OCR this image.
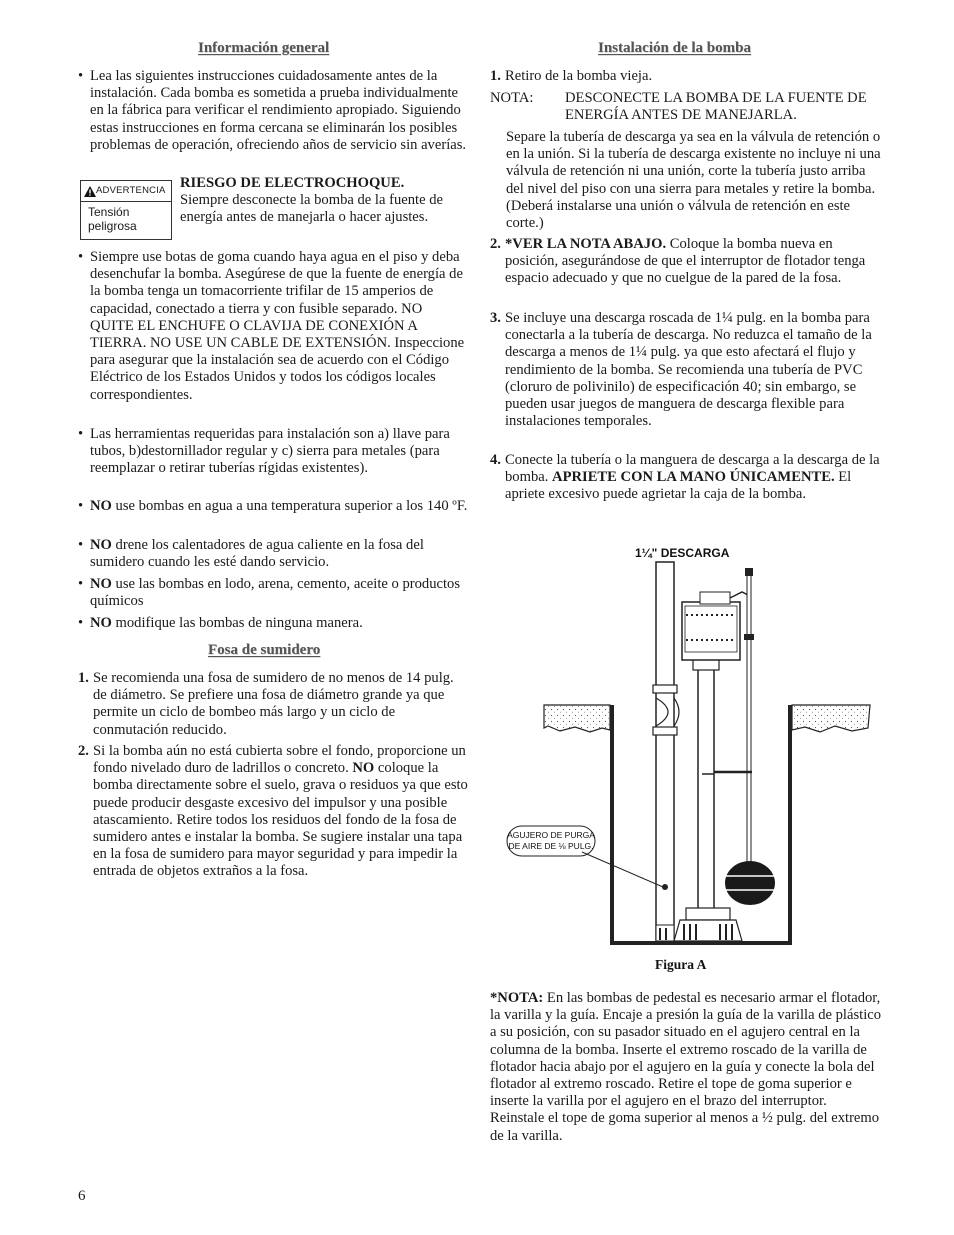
Información general
• Lea las siguientes instrucciones cuidadosamente antes de la instalación. Cada bomba es sometida a prueba individualmente en la fábrica para verificar el rendimiento apropiado. Siguiendo estas instrucciones en forma cercana se eliminarán los posibles problemas de operación, ofreciendo años de servicio sin averías.
ADVERTENCIA
Tensión
peligrosa
RIESGO DE ELECTROCHOQUE.
Siempre desconecte la bomba de la fuente de energía antes de manejarla o hacer ajustes.
• Siempre use botas de goma cuando haya agua en el piso y deba desenchufar la bomba. Asegúrese de que la fuente de energía de la bomba tenga un tomacorriente trifilar de 15 amperios de capacidad, conectado a tierra y con fusible separado. NO QUITE EL ENCHUFE O CLAVIJA DE CONEXIÓN A TIERRA. NO USE UN CABLE DE EXTENSIÓN. Inspeccione para asegurar que la instalación sea de acuerdo con el Código Eléctrico de los Estados Unidos y todos los códigos locales correspondientes.
• Las herramientas requeridas para instalación son a) llave para tubos, b)destornillador regular y c) sierra para metales (para reemplazar o retirar tuberías rígidas existentes).
• NO use bombas en agua a una temperatura superior a los 140 ºF.
• NO drene los calentadores de agua caliente en la fosa del sumidero cuando les esté dando servicio.
• NO use las bombas en lodo, arena, cemento, aceite o productos químicos
• NO modifique las bombas de ninguna manera.
Fosa de sumidero
1. Se recomienda una fosa de sumidero de no menos de 14 pulg. de diámetro. Se prefiere una fosa de diámetro grande ya que permite un ciclo de bombeo más largo y un ciclo de conmutación reducido.
2. Si la bomba aún no está cubierta sobre el fondo, proporcione un fondo nivelado duro de ladrillos o concreto. NO coloque la bomba directamente sobre el suelo, grava o residuos ya que esto puede producir desgaste excesivo del impulsor y una posible atascamiento. Retire todos los residuos del fondo de la fosa de sumidero antes e instalar la bomba. Se sugiere instalar una tapa en la fosa de sumidero para mayor seguridad y para impedir la entrada de objetos extraños a la fosa.
6
Instalación de la bomba
1. Retiro de la bomba vieja.
NOTA:	DESCONECTE LA BOMBA DE LA FUENTE DE ENERGÍA ANTES DE MANEJARLA.
Separe la tubería de descarga ya sea en la válvula de retención o en la unión. Si la tubería de descarga existente no incluye ni una válvula de retención ni una unión, corte la tubería justo arriba del nivel del piso con una sierra para metales y retire la bomba. (Deberá instalarse una unión o válvula de retención en este corte.)
2. *VER LA NOTA ABAJO. Coloque la bomba nueva en posición, asegurándose de que el interruptor de flotador tenga espacio adecuado y que no cuelgue de la pared de la fosa.
3. Se incluye una descarga roscada de 1¼ pulg. en la bomba para conectarla a la tubería de descarga. No reduzca el tamaño de la descarga a menos de 1¼ pulg. ya que esto afectará el flujo y rendimiento de la bomba. Se recomienda una tubería de PVC (cloruro de polivinilo) de especificación 40; sin embargo, se pueden usar juegos de manguera de descarga flexible para instalaciones temporales.
4. Conecte la tubería o la manguera de descarga a la descarga de la bomba. APRIETE CON LA MANO ÚNICAMENTE. El apriete excesivo puede agrietar la caja de la bomba.
1¼" DESCARGA
AGUJERO DE PURGA
DE AIRE DE ⅛ PULG.
Figura A
*NOTA: En las bombas de pedestal es necesario armar el flotador, la varilla y la guía. Encaje a presión la guía de la varilla de plástico a su posición, con su pasador situado en el agujero central en la columna de la bomba. Inserte el extremo roscado de la varilla de flotador hacia abajo por el agujero en la guía y conecte la bola del flotador al extremo roscado. Retire el tope de goma superior e inserte la varilla por el agujero en el brazo del interruptor. Reinstale el tope de goma superior al menos a ½ pulg. del extremo de la varilla.
